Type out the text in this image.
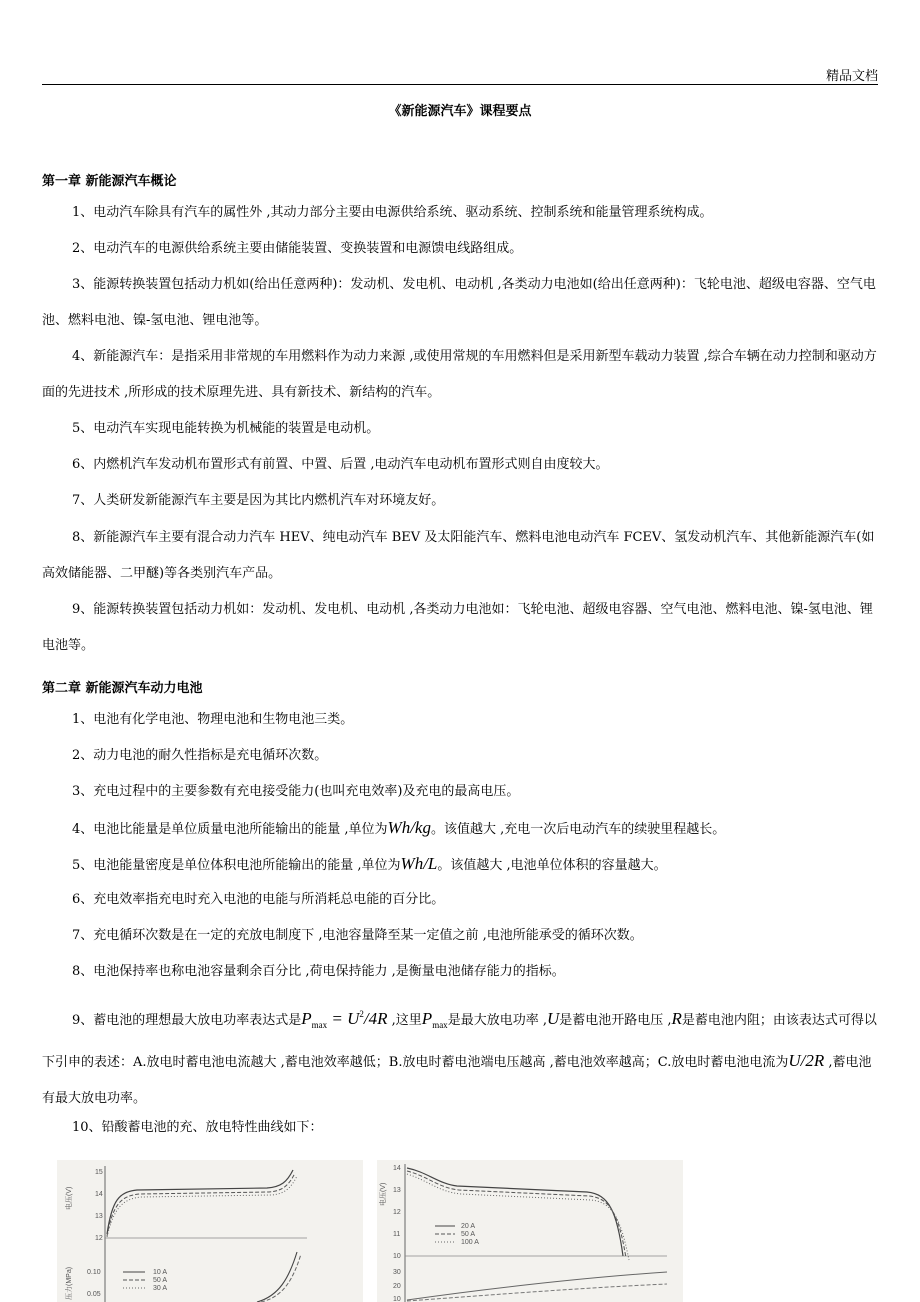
精品文档
《新能源汽车》课程要点
第一章 新能源汽车概论
1、电动汽车除具有汽车的属性外 ,其动力部分主要由电源供给系统、驱动系统、控制系统和能量管理系统构成。
2、电动汽车的电源供给系统主要由储能装置、变换装置和电源馈电线路组成。
3、能源转换装置包括动力机如(给出任意两种)：发动机、发电机、电动机 ,各类动力电池如(给出任意两种)：飞轮电池、超级电容器、空气电池、燃料电池、镍-氢电池、锂电池等。
4、新能源汽车：是指采用非常规的车用燃料作为动力来源 ,或使用常规的车用燃料但是采用新型车载动力装置 ,综合车辆在动力控制和驱动方面的先进技术 ,所形成的技术原理先进、具有新技术、新结构的汽车。
5、电动汽车实现电能转换为机械能的装置是电动机。
6、内燃机汽车发动机布置形式有前置、中置、后置 ,电动汽车电动机布置形式则自由度较大。
7、人类研发新能源汽车主要是因为其比内燃机汽车对环境友好。
8、新能源汽车主要有混合动力汽车 HEV、纯电动汽车 BEV 及太阳能汽车、燃料电池电动汽车 FCEV、氢发动机汽车、其他新能源汽车(如高效储能器、二甲醚)等各类别汽车产品。
9、能源转换装置包括动力机如：发动机、发电机、电动机 ,各类动力电池如：飞轮电池、超级电容器、空气电池、燃料电池、镍-氢电池、锂电池等。
第二章 新能源汽车动力电池
1、电池有化学电池、物理电池和生物电池三类。
2、动力电池的耐久性指标是充电循环次数。
3、充电过程中的主要参数有充电接受能力(也叫充电效率)及充电的最高电压。
4、电池比能量是单位质量电池所能输出的能量 ,单位为Wh/kg。该值越大 ,充电一次后电动汽车的续驶里程越长。
5、电池能量密度是单位体积电池所能输出的能量 ,单位为Wh/L。该值越大 ,电池单位体积的容量越大。
6、充电效率指充电时充入电池的电能与所消耗总电能的百分比。
7、充电循环次数是在一定的充放电制度下 ,电池容量降至某一定值之前 ,电池所能承受的循环次数。
8、电池保持率也称电池容量剩余百分比 ,荷电保持能力 ,是衡量电池储存能力的指标。
9、蓄电池的理想最大放电功率表达式是$P_{max} = U^2/4R$ ,这里$P_{max}$是最大放电功率 ,U是蓄电池开路电压 ,R是蓄电池内阻；由该表达式可得以下引申的表述：A.放电时蓄电池电流越大 ,蓄电池效率越低；B.放电时蓄电池端电压越高 ,蓄电池效率越高；C.放电时蓄电池电流为U/2R ,蓄电池有最大放电功率。
10、铅酸蓄电池的充、放电特性曲线如下：
15
14
13
12
0.10
0.05
电压(V)
压力(MPa)	10 A
50 A
30 A
14
13
12
11
10
30
20
10
电压(V)
20 A
50 A
100 A
